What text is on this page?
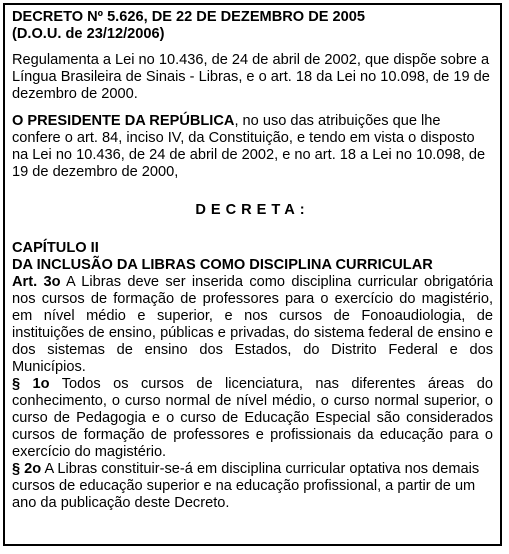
DECRETO Nº 5.626, DE 22 DE DEZEMBRO DE 2005

(D.O.U. de 23/12/2006)

Regulamenta a Lei no 10.436, de 24 de abril de 2002, que dispõe sobre a Língua Brasileira de Sinais - Libras, e o art. 18 da Lei no 10.098, de 19 de dezembro de 2000.

O PRESIDENTE DA REPÚBLICA, no uso das atribuições que lhe confere o art. 84, inciso IV, da Constituição, e tendo em vista o disposto na Lei no 10.436, de 24 de abril de 2002, e no art. 18 a Lei no 10.098, de 19 de dezembro de 2000,

DECRETA:

CAPÍTULO II

DA INCLUSÃO DA LIBRAS COMO DISCIPLINA CURRICULAR

Art. 3o A Libras deve ser inserida como disciplina curricular obrigatória nos cursos de formação de professores para o exercício do magistério, em nível médio e superior, e nos cursos de Fonoaudiologia, de instituições de ensino, públicas e privadas, do sistema federal de ensino e dos sistemas de ensino dos Estados, do Distrito Federal e dos Municípios.

§ 1o Todos os cursos de licenciatura, nas diferentes áreas do conhecimento, o curso normal de nível médio, o curso normal superior, o curso de Pedagogia e o curso de Educação Especial são considerados cursos de formação de professores e profissionais da educação para o exercício do magistério.

§ 2o A Libras constituir-se-á em disciplina curricular optativa nos demais cursos de educação superior e na educação profissional, a partir de um ano da publicação deste Decreto.
